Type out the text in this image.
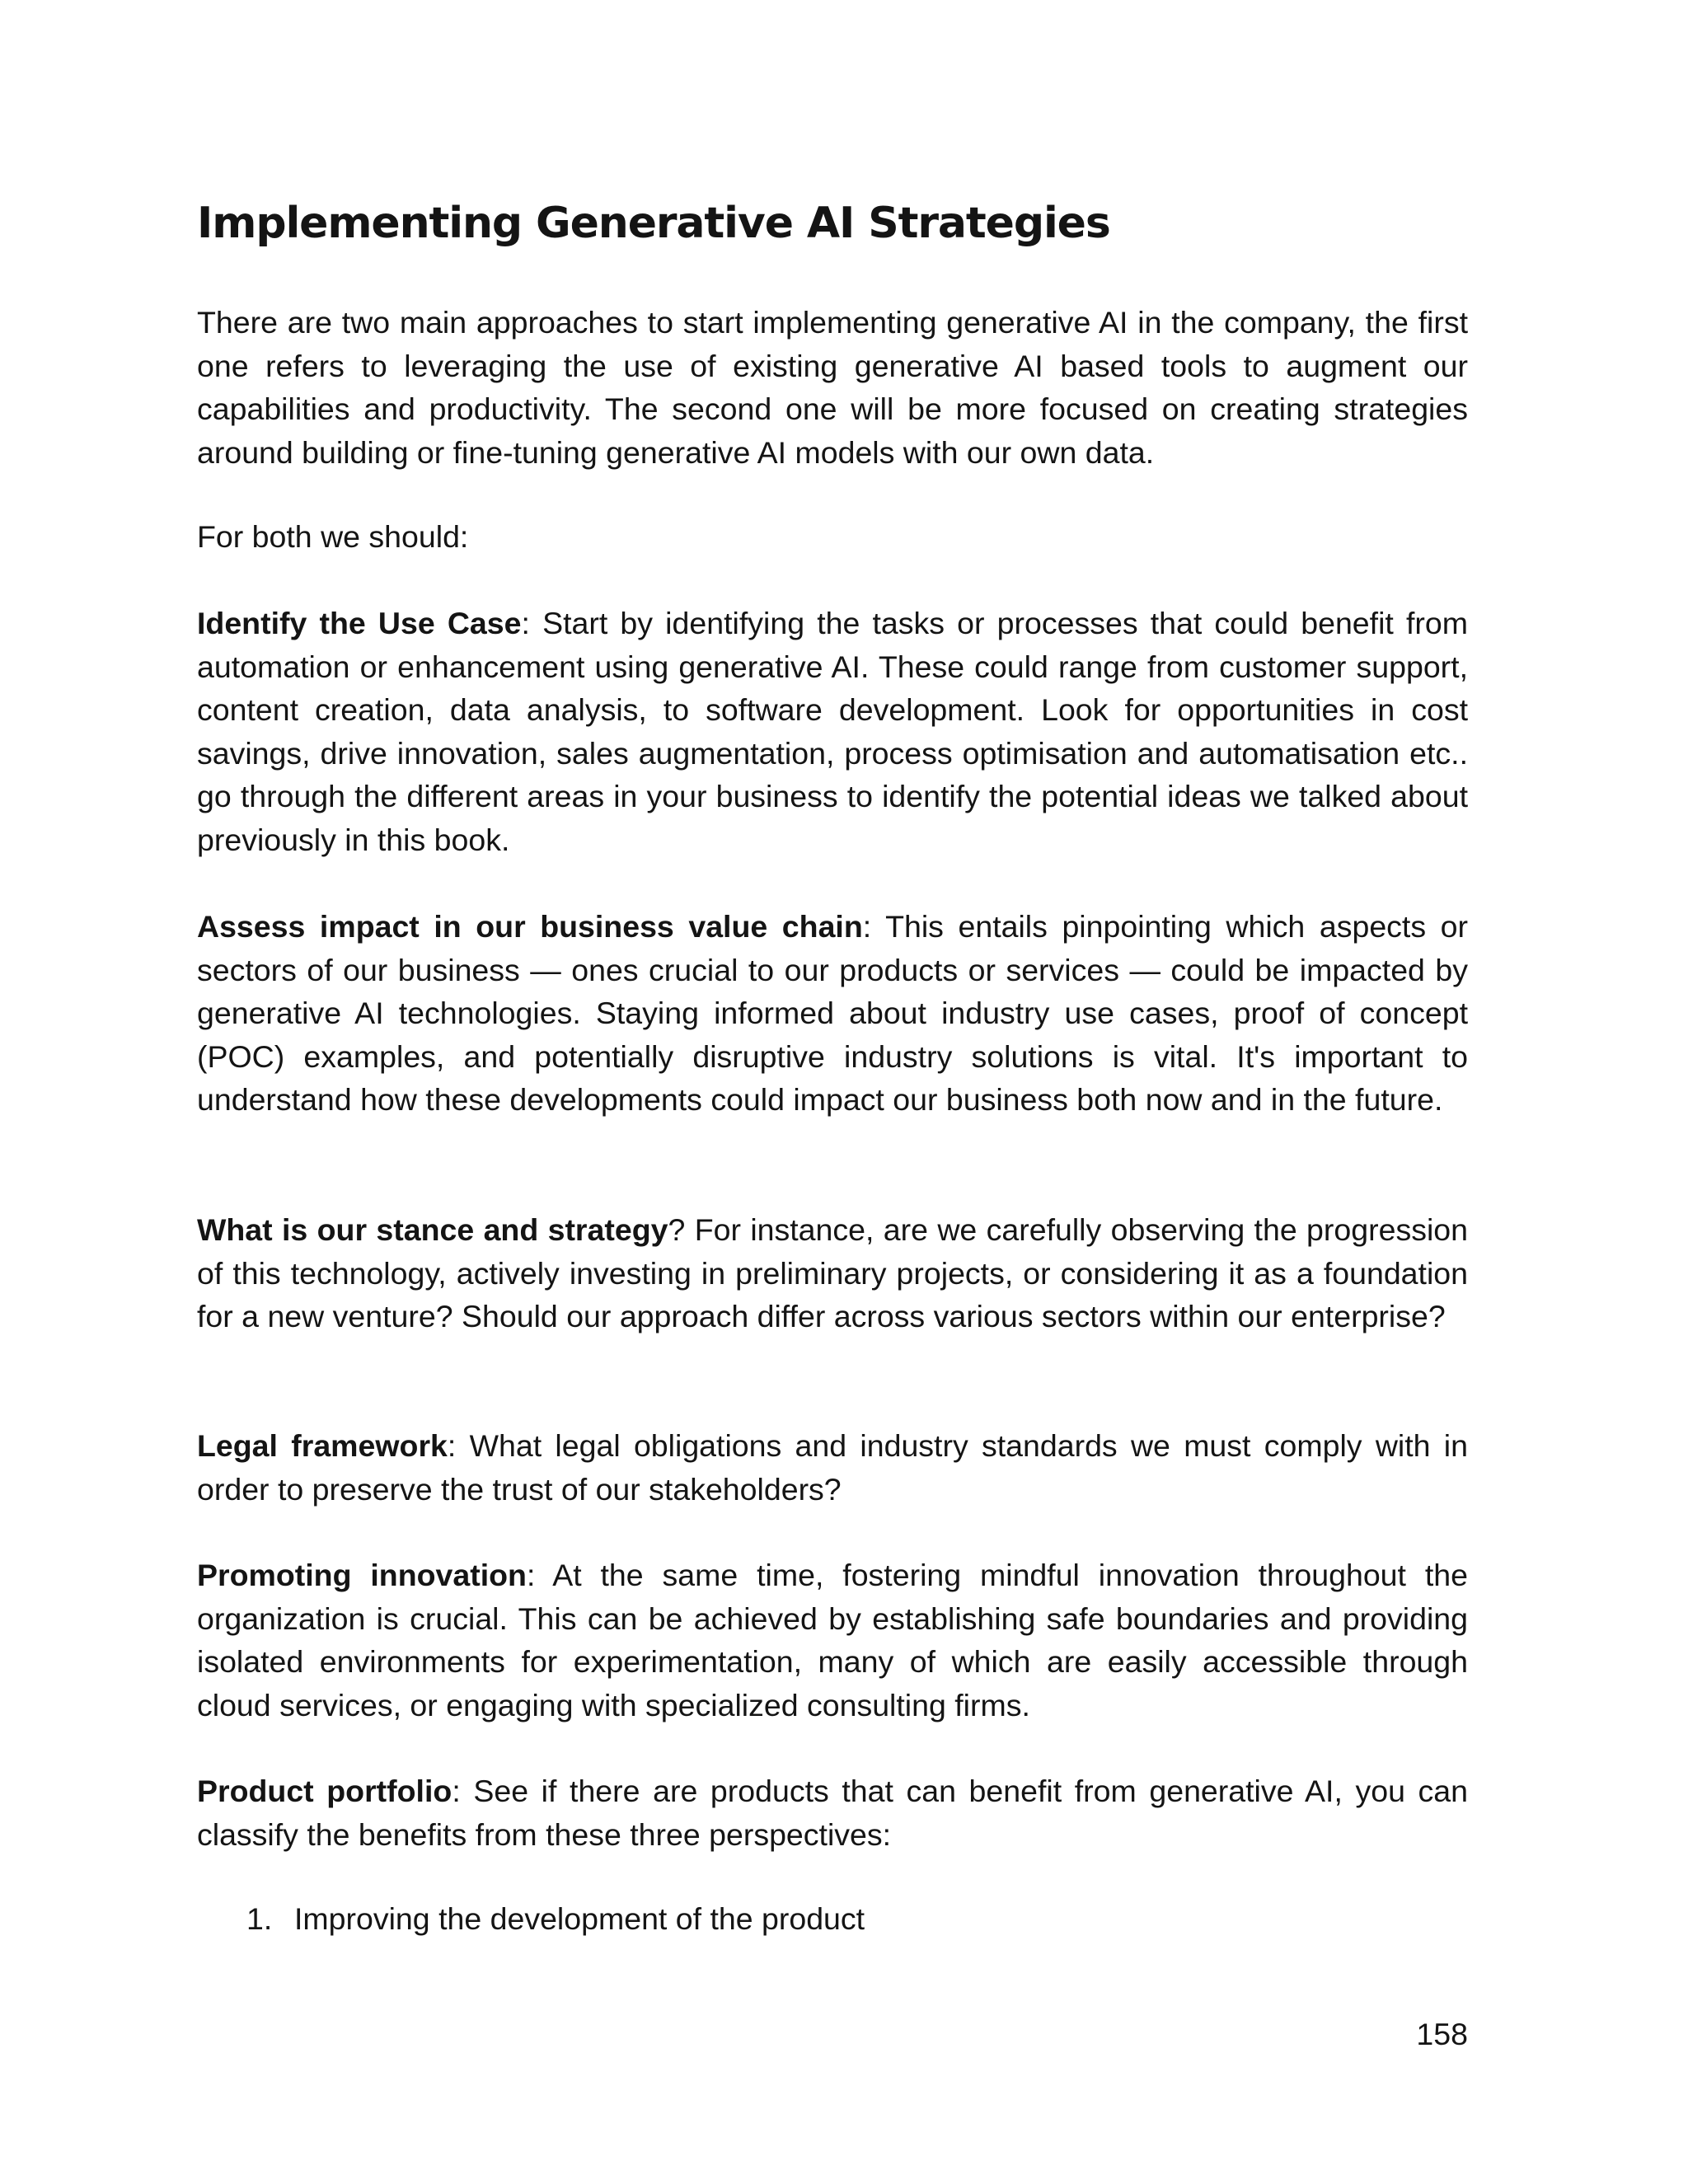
Implementing Generative AI Strategies

There are two main approaches to start implementing generative AI in the company, the first one refers to leveraging the use of existing generative AI based tools to augment our capabilities and productivity. The second one will be more focused on creating strategies around building or fine-tuning generative AI models with our own data.

For both we should:

Identify the Use Case: Start by identifying the tasks or processes that could benefit from automation or enhancement using generative AI. These could range from customer support, content creation, data analysis, to software development. Look for opportunities in cost savings, drive innovation, sales augmentation, process optimisation and automatisation etc.. go through the different areas in your business to identify the potential ideas we talked about previously in this book.

Assess impact in our business value chain: This entails pinpointing which aspects or sectors of our business — ones crucial to our products or services — could be impacted by generative AI technologies. Staying informed about industry use cases, proof of concept (POC) examples, and potentially disruptive industry solutions is vital. It's important to understand how these developments could impact our business both now and in the future.

What is our stance and strategy? For instance, are we carefully observing the progression of this technology, actively investing in preliminary projects, or considering it as a foundation for a new venture? Should our approach differ across various sectors within our enterprise?

Legal framework: What legal obligations and industry standards we must comply with in order to preserve the trust of our stakeholders?

Promoting innovation: At the same time, fostering mindful innovation throughout the organization is crucial. This can be achieved by establishing safe boundaries and providing isolated environments for experimentation, many of which are easily accessible through cloud services, or engaging with specialized consulting firms.

Product portfolio: See if there are products that can benefit from generative AI, you can classify the benefits from these three perspectives:

1. Improving the development of the product
158
